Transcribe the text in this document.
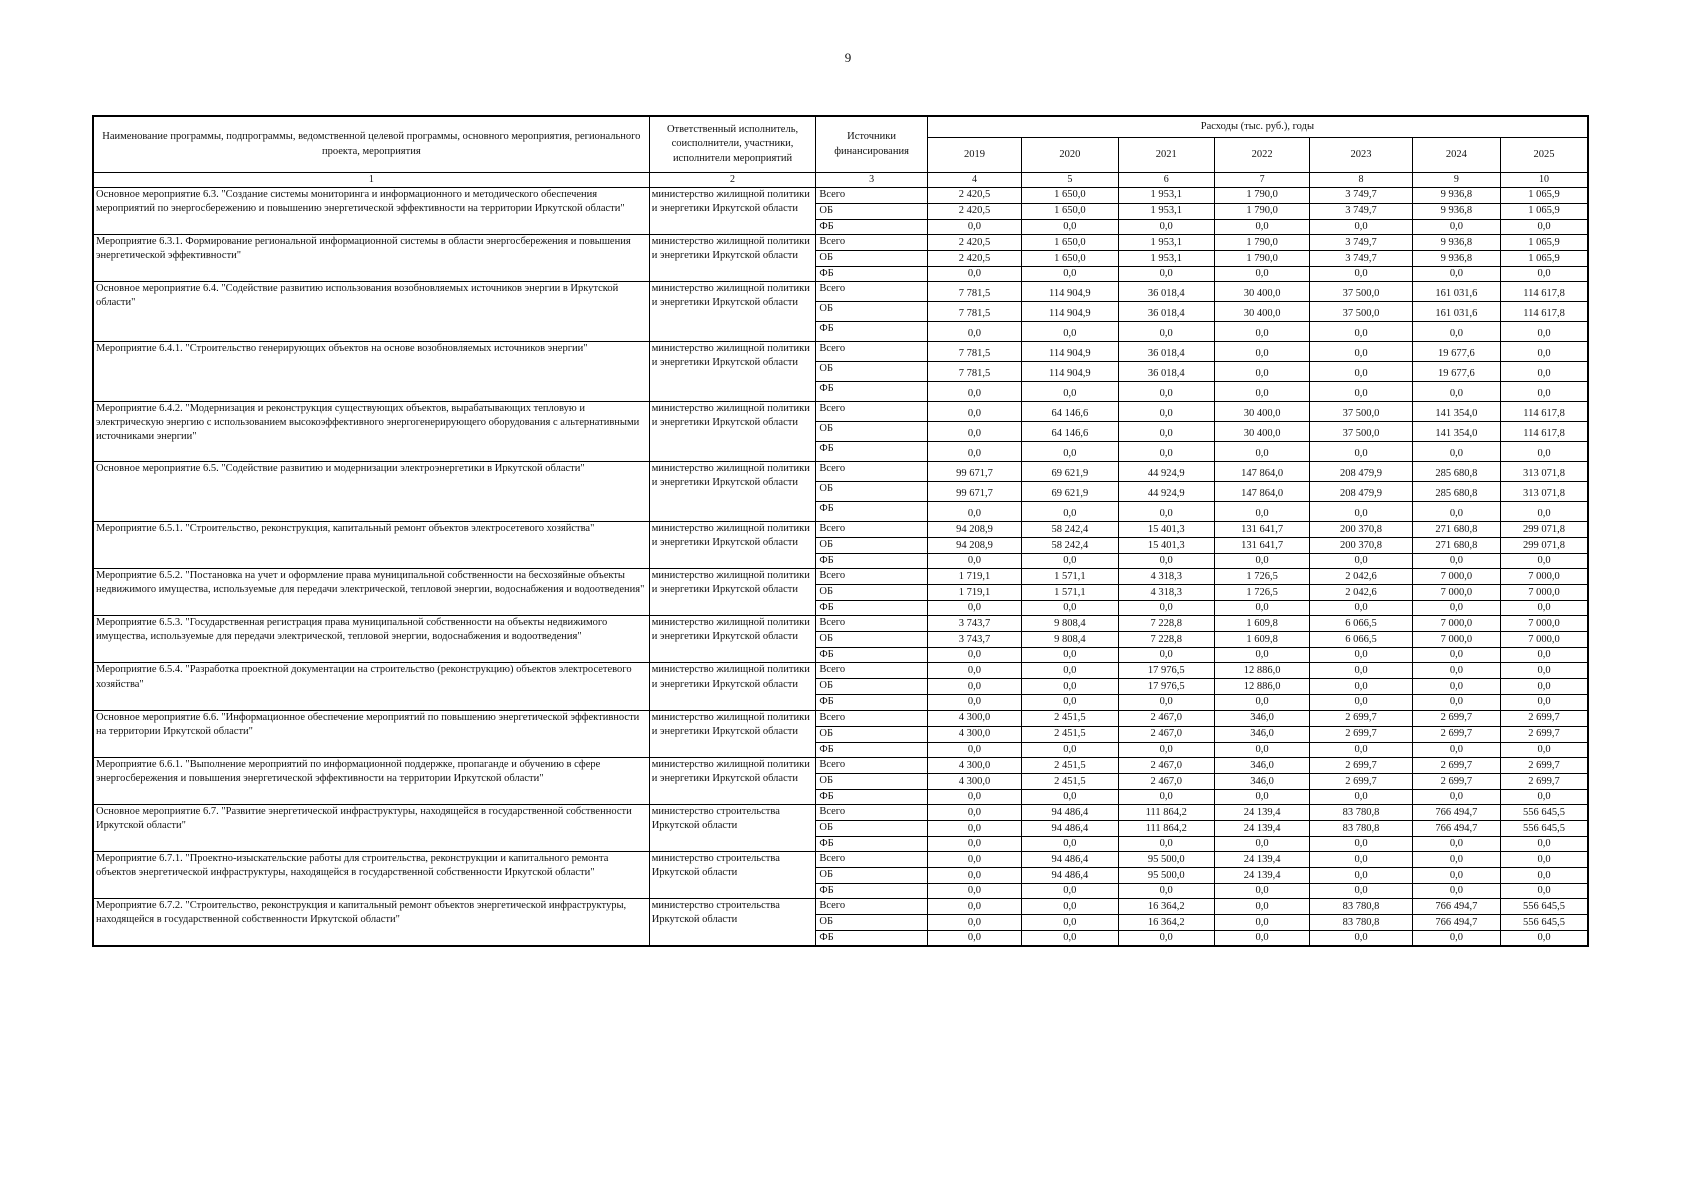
9
Наименование программы, подпрограммы, ведомственной целевой программы, основного мероприятия, регионального проекта, мероприятия	Ответственный исполнитель, соисполнители, участники, исполнители мероприятий	Источники финансирования	Расходы (тыс. руб.), годы						
			2019	2020	2021	2022	2023	2024	2025
1	2	3	4	5	6	7	8	9	10
Основное мероприятие 6.3. "Создание системы мониторинга и информационного и методического обеспечения мероприятий по энергосбережению и повышению энергетической эффективности на территории Иркутской области"	министерство жилищной политики и энергетики Иркутской области	Всего	2 420,5	1 650,0	1 953,1	1 790,0	3 749,7	9 936,8	1 065,9
		ОБ	2 420,5	1 650,0	1 953,1	1 790,0	3 749,7	9 936,8	1 065,9
		ФБ	0,0	0,0	0,0	0,0	0,0	0,0	0,0
Мероприятие 6.3.1. Формирование региональной информационной системы в области энергосбережения и повышения энергетической эффективности"	министерство жилищной политики и энергетики Иркутской области	Всего	2 420,5	1 650,0	1 953,1	1 790,0	3 749,7	9 936,8	1 065,9
		ОБ	2 420,5	1 650,0	1 953,1	1 790,0	3 749,7	9 936,8	1 065,9
		ФБ	0,0	0,0	0,0	0,0	0,0	0,0	0,0
Основное мероприятие 6.4. "Содействие развитию использования возобновляемых источников энергии в Иркутской области"	министерство жилищной политики и энергетики Иркутской области	Всего	7 781,5	114 904,9	36 018,4	30 400,0	37 500,0	161 031,6	114 617,8
		ОБ	7 781,5	114 904,9	36 018,4	30 400,0	37 500,0	161 031,6	114 617,8
		ФБ	0,0	0,0	0,0	0,0	0,0	0,0	0,0
Мероприятие 6.4.1. "Строительство генерирующих объектов на основе возобновляемых источников энергии"	министерство жилищной политики и энергетики Иркутской области	Всего	7 781,5	114 904,9	36 018,4	0,0	0,0	19 677,6	0,0
		ОБ	7 781,5	114 904,9	36 018,4	0,0	0,0	19 677,6	0,0
		ФБ	0,0	0,0	0,0	0,0	0,0	0,0	0,0
Мероприятие 6.4.2. "Модернизация и реконструкция существующих объектов, вырабатывающих тепловую и электрическую энергию с использованием высокоэффективного энергогенерирующего оборудования с альтернативными источниками энергии"	министерство жилищной политики и энергетики Иркутской области	Всего	0,0	64 146,6	0,0	30 400,0	37 500,0	141 354,0	114 617,8
		ОБ	0,0	64 146,6	0,0	30 400,0	37 500,0	141 354,0	114 617,8
		ФБ	0,0	0,0	0,0	0,0	0,0	0,0	0,0
Основное мероприятие 6.5. "Содействие развитию и модернизации электроэнергетики в Иркутской области"	министерство жилищной политики и энергетики Иркутской области	Всего	99 671,7	69 621,9	44 924,9	147 864,0	208 479,9	285 680,8	313 071,8
		ОБ	99 671,7	69 621,9	44 924,9	147 864,0	208 479,9	285 680,8	313 071,8
		ФБ	0,0	0,0	0,0	0,0	0,0	0,0	0,0
Мероприятие 6.5.1. "Строительство, реконструкция, капитальный ремонт объектов электросетевого хозяйства"	министерство жилищной политики и энергетики Иркутской области	Всего	94 208,9	58 242,4	15 401,3	131 641,7	200 370,8	271 680,8	299 071,8
		ОБ	94 208,9	58 242,4	15 401,3	131 641,7	200 370,8	271 680,8	299 071,8
		ФБ	0,0	0,0	0,0	0,0	0,0	0,0	0,0
Мероприятие 6.5.2. "Постановка на учет и оформление права муниципальной собственности на бесхозяйные объекты недвижимого имущества, используемые для передачи электрической, тепловой энергии, водоснабжения и водоотведения"	министерство жилищной политики и энергетики Иркутской области	Всего	1 719,1	1 571,1	4 318,3	1 726,5	2 042,6	7 000,0	7 000,0
		ОБ	1 719,1	1 571,1	4 318,3	1 726,5	2 042,6	7 000,0	7 000,0
		ФБ	0,0	0,0	0,0	0,0	0,0	0,0	0,0
Мероприятие 6.5.3. "Государственная регистрация права муниципальной собственности на объекты недвижимого имущества, используемые для передачи электрической, тепловой энергии, водоснабжения и водоотведения"	министерство жилищной политики и энергетики Иркутской области	Всего	3 743,7	9 808,4	7 228,8	1 609,8	6 066,5	7 000,0	7 000,0
		ОБ	3 743,7	9 808,4	7 228,8	1 609,8	6 066,5	7 000,0	7 000,0
		ФБ	0,0	0,0	0,0	0,0	0,0	0,0	0,0
Мероприятие 6.5.4. "Разработка проектной документации на строительство (реконструкцию) объектов электросетевого хозяйства"	министерство жилищной политики и энергетики Иркутской области	Всего	0,0	0,0	17 976,5	12 886,0	0,0	0,0	0,0
		ОБ	0,0	0,0	17 976,5	12 886,0	0,0	0,0	0,0
		ФБ	0,0	0,0	0,0	0,0	0,0	0,0	0,0
Основное мероприятие 6.6. "Информационное обеспечение мероприятий по повышению энергетической эффективности на территории Иркутской области"	министерство жилищной политики и энергетики Иркутской области	Всего	4 300,0	2 451,5	2 467,0	346,0	2 699,7	2 699,7	2 699,7
		ОБ	4 300,0	2 451,5	2 467,0	346,0	2 699,7	2 699,7	2 699,7
		ФБ	0,0	0,0	0,0	0,0	0,0	0,0	0,0
Мероприятие 6.6.1. "Выполнение мероприятий по информационной поддержке, пропаганде и обучению в сфере энергосбережения и повышения энергетической эффективности на территории Иркутской области"	министерство жилищной политики и энергетики Иркутской области	Всего	4 300,0	2 451,5	2 467,0	346,0	2 699,7	2 699,7	2 699,7
		ОБ	4 300,0	2 451,5	2 467,0	346,0	2 699,7	2 699,7	2 699,7
		ФБ	0,0	0,0	0,0	0,0	0,0	0,0	0,0
Основное мероприятие 6.7. "Развитие энергетической инфраструктуры, находящейся в государственной собственности Иркутской области"	министерство строительства Иркутской области	Всего	0,0	94 486,4	111 864,2	24 139,4	83 780,8	766 494,7	556 645,5
		ОБ	0,0	94 486,4	111 864,2	24 139,4	83 780,8	766 494,7	556 645,5
		ФБ	0,0	0,0	0,0	0,0	0,0	0,0	0,0
Мероприятие 6.7.1. "Проектно-изыскательские работы для строительства, реконструкции и капитального ремонта объектов энергетической инфраструктуры, находящейся в государственной собственности Иркутской области"	министерство строительства Иркутской области	Всего	0,0	94 486,4	95 500,0	24 139,4	0,0	0,0	0,0
		ОБ	0,0	94 486,4	95 500,0	24 139,4	0,0	0,0	0,0
		ФБ	0,0	0,0	0,0	0,0	0,0	0,0	0,0
Мероприятие 6.7.2. "Строительство, реконструкция и капитальный ремонт объектов энергетической инфраструктуры, находящейся в государственной собственности Иркутской области"	министерство строительства Иркутской области	Всего	0,0	0,0	16 364,2	0,0	83 780,8	766 494,7	556 645,5
		ОБ	0,0	0,0	16 364,2	0,0	83 780,8	766 494,7	556 645,5
		ФБ	0,0	0,0	0,0	0,0	0,0	0,0	0,0
